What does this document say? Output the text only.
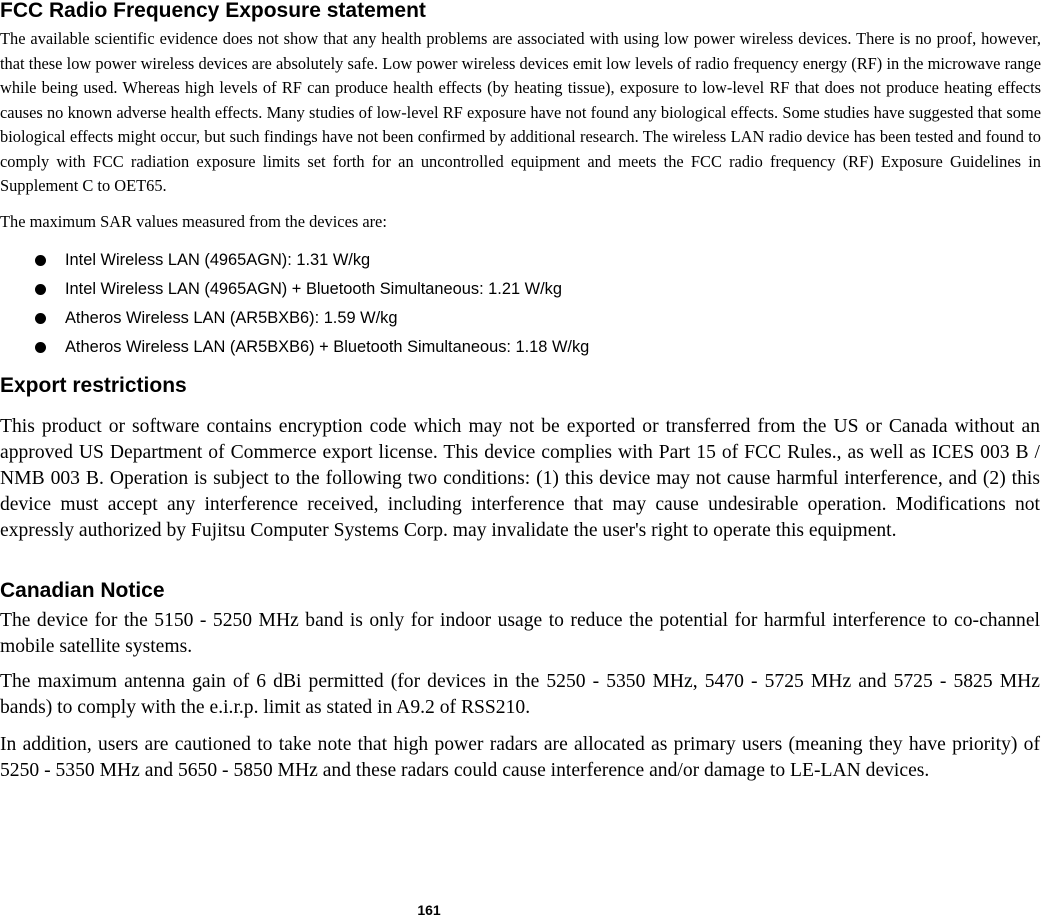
FCC Radio Frequency Exposure statement

The available scientific evidence does not show that any health problems are associated with using low power wireless devices. There is no proof, however, that these low power wireless devices are absolutely safe. Low power wireless devices emit low levels of radio frequency energy (RF) in the microwave range while being used. Whereas high levels of RF can produce health effects (by heating tissue), exposure to low-level RF that does not produce heating effects causes no known adverse health effects. Many studies of low-level RF exposure have not found any biological effects. Some studies have suggested that some biological effects might occur, but such findings have not been confirmed by additional research. The wireless LAN radio device has been tested and found to comply with FCC radiation exposure limits set forth for an uncontrolled equipment and meets the FCC radio frequency (RF) Exposure Guidelines in Supplement C to OET65.

The maximum SAR values measured from the devices are:

Intel Wireless LAN (4965AGN): 1.31 W/kg
Intel Wireless LAN (4965AGN) + Bluetooth Simultaneous: 1.21 W/kg
Atheros Wireless LAN (AR5BXB6): 1.59 W/kg
Atheros Wireless LAN (AR5BXB6) + Bluetooth Simultaneous: 1.18 W/kg
Export restrictions

This product or software contains encryption code which may not be exported or transferred from the US or Canada without an approved US Department of Commerce export license. This device complies with Part 15 of FCC Rules., as well as ICES 003 B / NMB 003 B. Operation is subject to the following two conditions: (1) this device may not cause harmful interference, and (2) this device must accept any interference received, including interference that may cause undesirable operation. Modifications not expressly authorized by Fujitsu Computer Systems Corp. may invalidate the user's right to operate this equipment.

Canadian Notice

The device for the 5150 - 5250 MHz band is only for indoor usage to reduce the potential for harmful interference to co-channel mobile satellite systems.

The maximum antenna gain of 6 dBi permitted (for devices in the 5250 - 5350 MHz, 5470 - 5725 MHz and 5725 - 5825 MHz bands) to comply with the e.i.r.p. limit as stated in A9.2 of RSS210.

In addition, users are cautioned to take note that high power radars are allocated as primary users (meaning they have priority) of 5250 - 5350 MHz and 5650 - 5850 MHz and these radars could cause interference and/or damage to LE-LAN devices.

161
